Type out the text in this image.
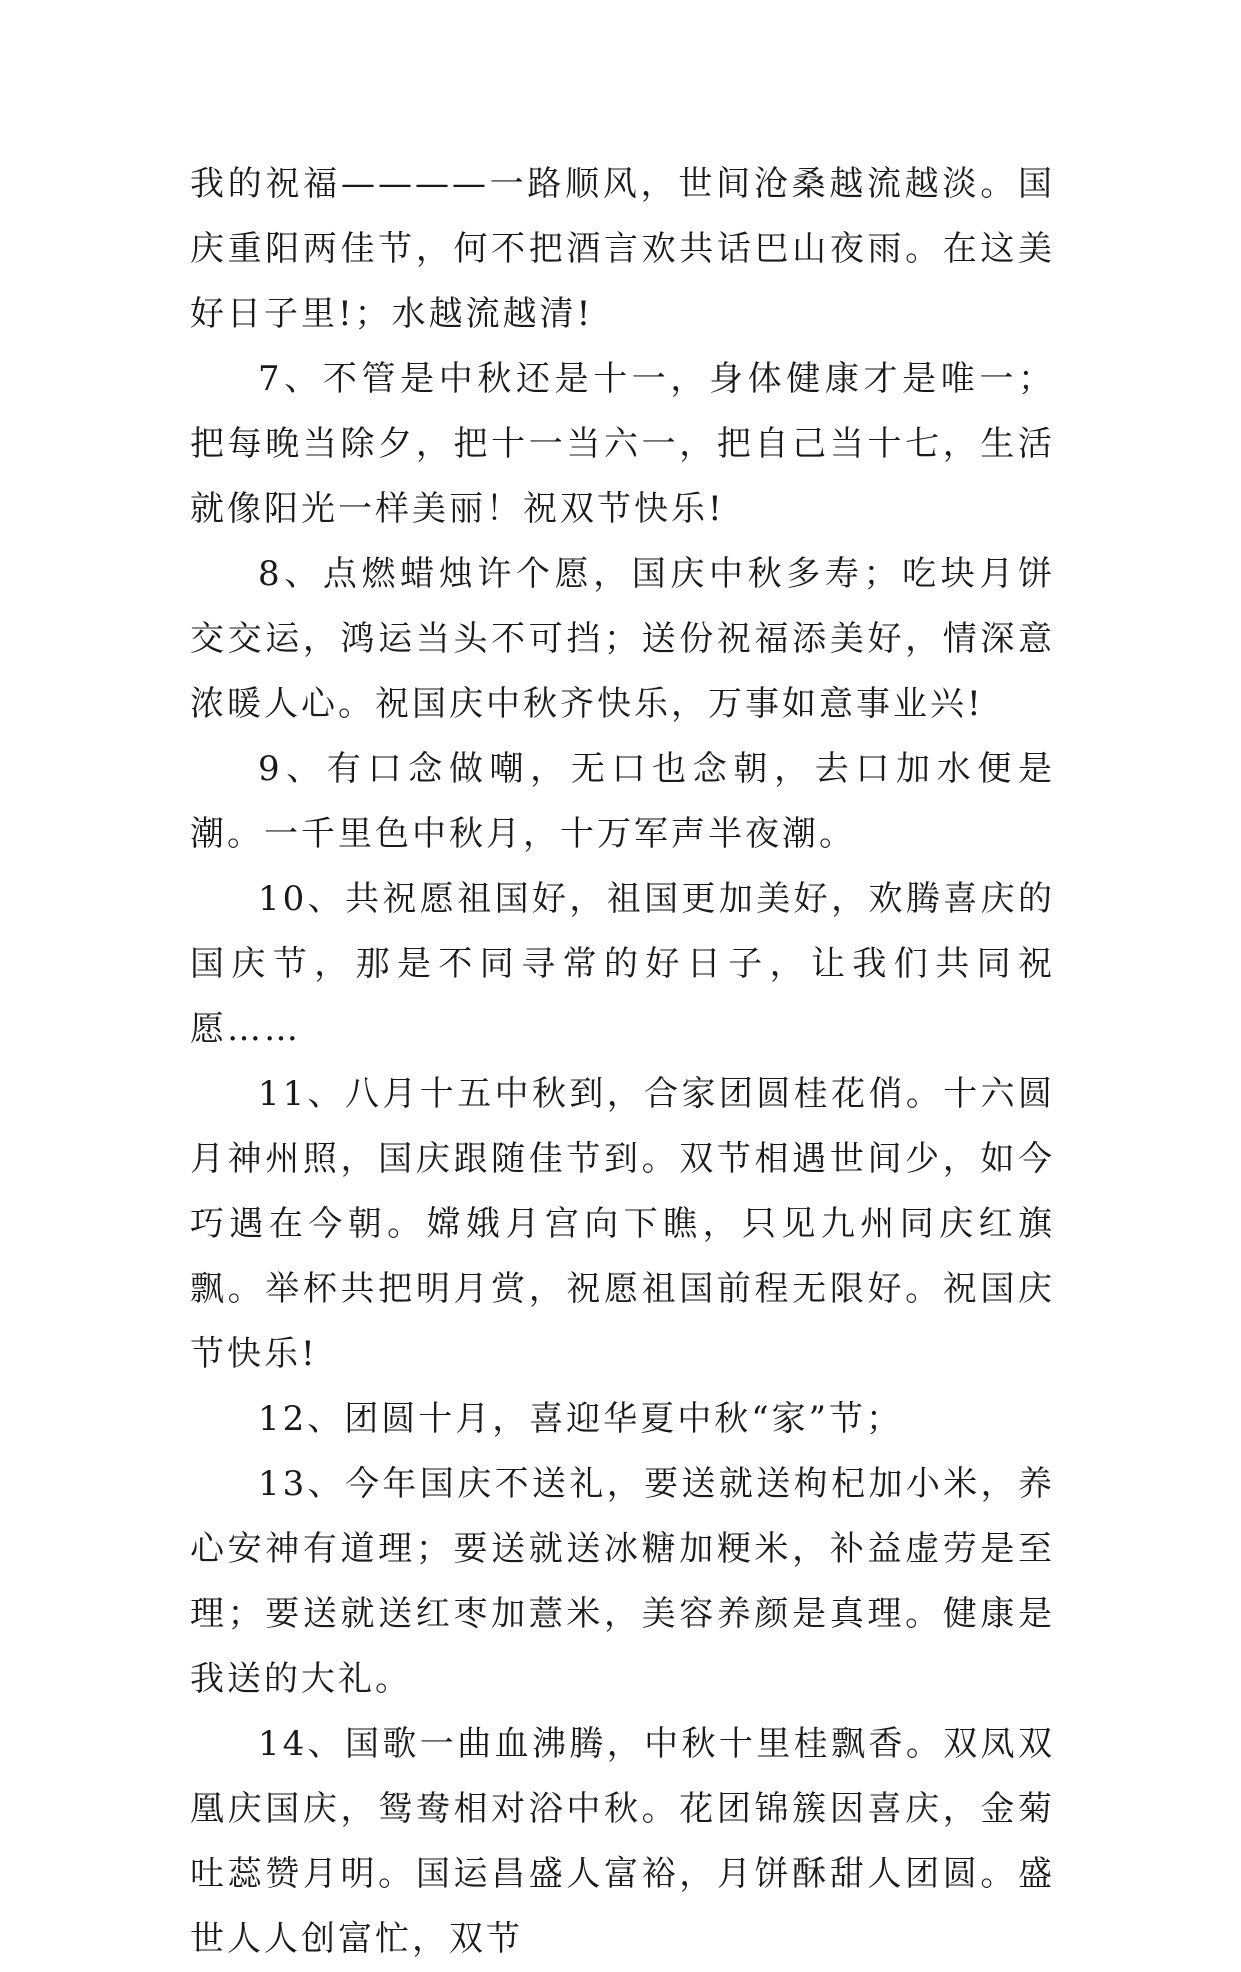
我的祝福————一路顺风，世间沧桑越流越淡。国庆重阳两佳节，何不把酒言欢共话巴山夜雨。在这美好日子里!；水越流越清!

7、不管是中秋还是十一，身体健康才是唯一；把每晚当除夕，把十一当六一，把自己当十七，生活就像阳光一样美丽！祝双节快乐!

8、点燃蜡烛许个愿，国庆中秋多寿；吃块月饼交交运，鸿运当头不可挡；送份祝福添美好，情深意浓暖人心。祝国庆中秋齐快乐，万事如意事业兴!

9、有口念做嘲，无口也念朝，去口加水便是潮。一千里色中秋月，十万军声半夜潮。

10、共祝愿祖国好，祖国更加美好，欢腾喜庆的国庆节，那是不同寻常的好日子，让我们共同祝愿……

11、八月十五中秋到，合家团圆桂花俏。十六圆月神州照，国庆跟随佳节到。双节相遇世间少，如今巧遇在今朝。嫦娥月宫向下瞧，只见九州同庆红旗飘。举杯共把明月赏，祝愿祖国前程无限好。祝国庆节快乐!

12、团圆十月，喜迎华夏中秋“家”节；

13、今年国庆不送礼，要送就送枸杞加小米，养心安神有道理；要送就送冰糖加粳米，补益虚劳是至理；要送就送红枣加薏米，美容养颜是真理。健康是我送的大礼。

14、国歌一曲血沸腾，中秋十里桂飘香。双凤双凰庆国庆，鸳鸯相对浴中秋。花团锦簇因喜庆，金菊吐蕊赞月明。国运昌盛人富裕，月饼酥甜人团圆。盛世人人创富忙，双节
